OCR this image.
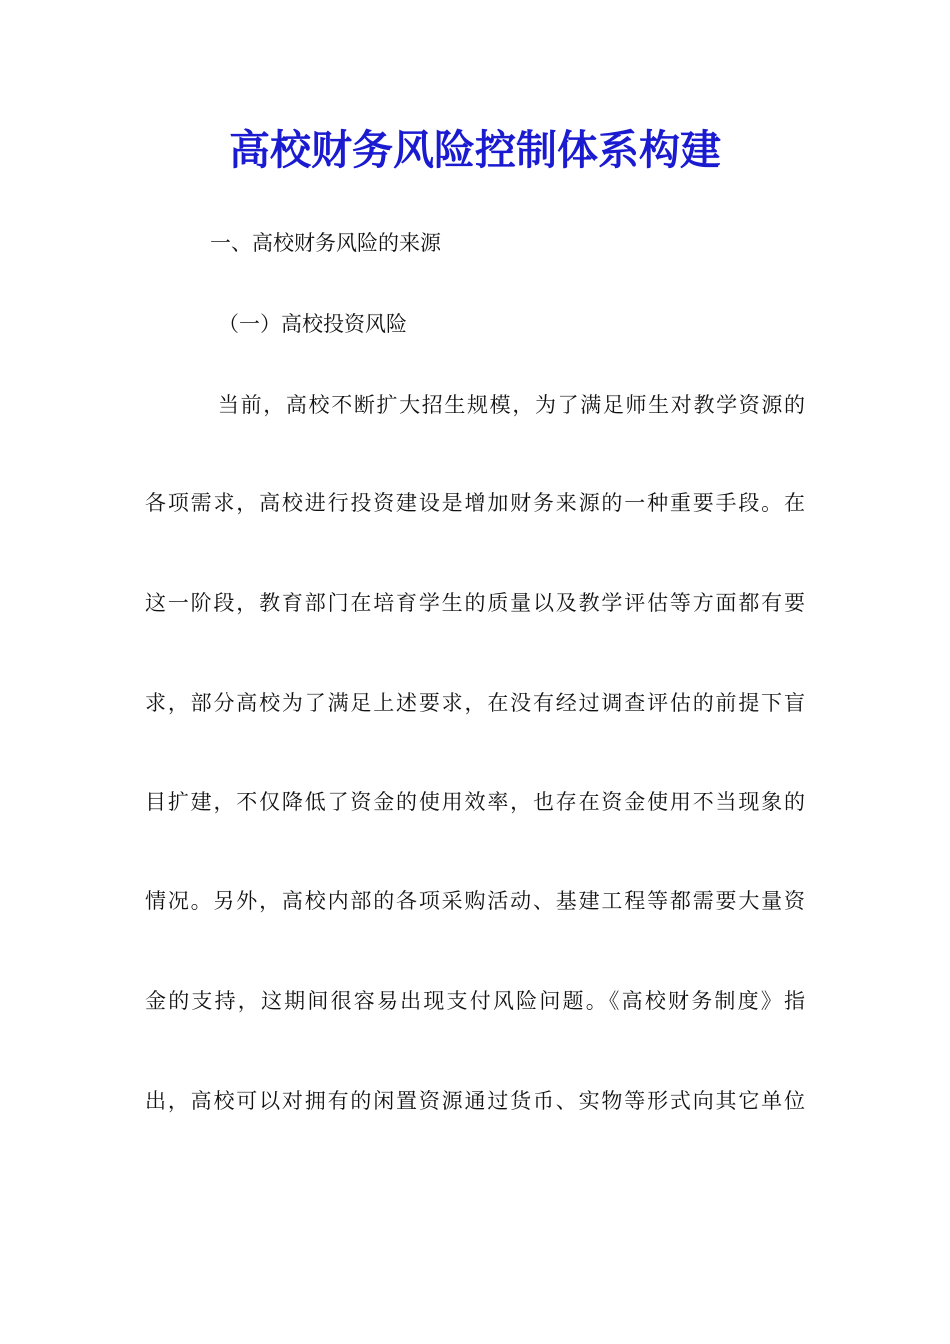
高校财务风险控制体系构建
一、高校财务风险的来源
（一）高校投资风险
当前，高校不断扩大招生规模，为了满足师生对教学资源的
各项需求，高校进行投资建设是增加财务来源的一种重要手段。在
这一阶段，教育部门在培育学生的质量以及教学评估等方面都有要
求，部分高校为了满足上述要求，在没有经过调查评估的前提下盲
目扩建，不仅降低了资金的使用效率，也存在资金使用不当现象的
情况。另外，高校内部的各项采购活动、基建工程等都需要大量资
金的支持，这期间很容易出现支付风险问题。《高校财务制度》指
出，高校可以对拥有的闲置资源通过货币、实物等形式向其它单位
